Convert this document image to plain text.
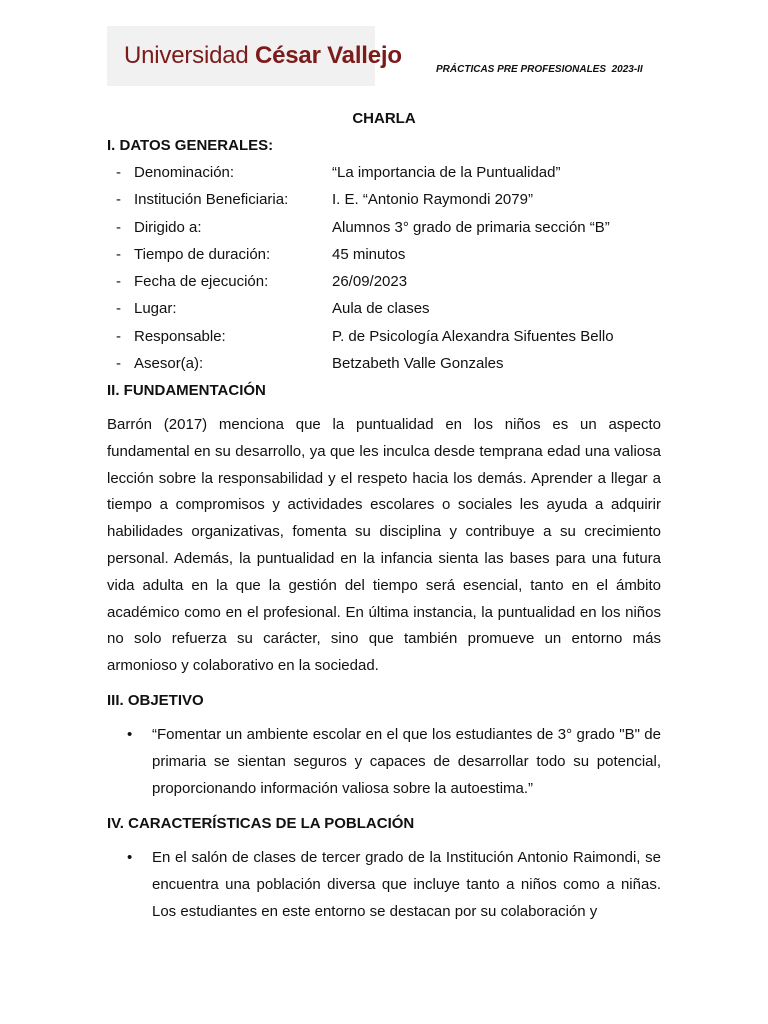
Universidad César Vallejo
PRÁCTICAS PRE PROFESIONALES  2023-II
CHARLA
I. DATOS GENERALES:
- Denominación:	“La importancia de la Puntualidad”
- Institución Beneficiaria:	I. E. “Antonio Raymondi 2079”
- Dirigido a:	Alumnos 3° grado de primaria sección “B”
- Tiempo de duración:	45 minutos
- Fecha de ejecución:	26/09/2023
- Lugar:	Aula de clases
- Responsable:	P. de Psicología Alexandra Sifuentes Bello
- Asesor(a):	Betzabeth Valle Gonzales
II. FUNDAMENTACIÓN

Barrón (2017) menciona que la puntualidad en los niños es un aspecto fundamental en su desarrollo, ya que les inculca desde temprana edad una valiosa lección sobre la responsabilidad y el respeto hacia los demás. Aprender a llegar a tiempo a compromisos y actividades escolares o sociales les ayuda a adquirir habilidades organizativas, fomenta su disciplina y contribuye a su crecimiento personal. Además, la puntualidad en la infancia sienta las bases para una futura vida adulta en la que la gestión del tiempo será esencial, tanto en el ámbito académico como en el profesional. En última instancia, la puntualidad en los niños no solo refuerza su carácter, sino que también promueve un entorno más armonioso y colaborativo en la sociedad.

III. OBJETIVO
• “Fomentar un ambiente escolar en el que los estudiantes de 3° grado "B" de primaria se sientan seguros y capaces de desarrollar todo su potencial, proporcionando información valiosa sobre la autoestima.”
IV. CARACTERÍSTICAS DE LA POBLACIÓN
• En el salón de clases de tercer grado de la Institución Antonio Raimondi, se encuentra una población diversa que incluye tanto a niños como a niñas. Los estudiantes en este entorno se destacan por su colaboración y
